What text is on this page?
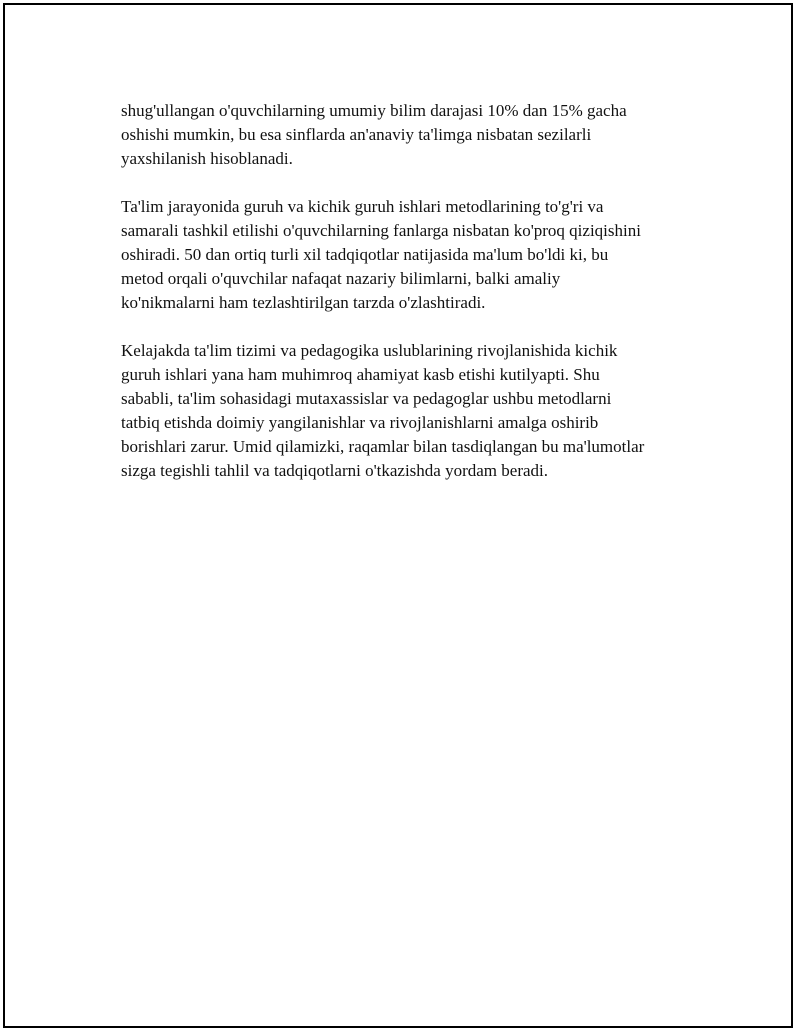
shug'ullangan o'quvchilarning umumiy bilim darajasi 10% dan 15% gacha
oshishi mumkin, bu esa sinflarda an'anaviy ta'limga nisbatan sezilarli
yaxshilanish hisoblanadi.

Ta'lim jarayonida guruh va kichik guruh ishlari metodlarining to'g'ri va
samarali tashkil etilishi o'quvchilarning fanlarga nisbatan ko'proq qiziqishini
oshiradi. 50 dan ortiq turli xil tadqiqotlar natijasida ma'lum bo'ldi ki, bu
metod orqali o'quvchilar nafaqat nazariy bilimlarni, balki amaliy
ko'nikmalarni ham tezlashtirilgan tarzda o'zlashtiradi.

Kelajakda ta'lim tizimi va pedagogika uslublarining rivojlanishida kichik
guruh ishlari yana ham muhimroq ahamiyat kasb etishi kutilyapti. Shu
sababli, ta'lim sohasidagi mutaxassislar va pedagoglar ushbu metodlarni
tatbiq etishda doimiy yangilanishlar va rivojlanishlarni amalga oshirib
borishlari zarur. Umid qilamizki, raqamlar bilan tasdiqlangan bu ma'lumotlar
sizga tegishli tahlil va tadqiqotlarni o'tkazishda yordam beradi.
